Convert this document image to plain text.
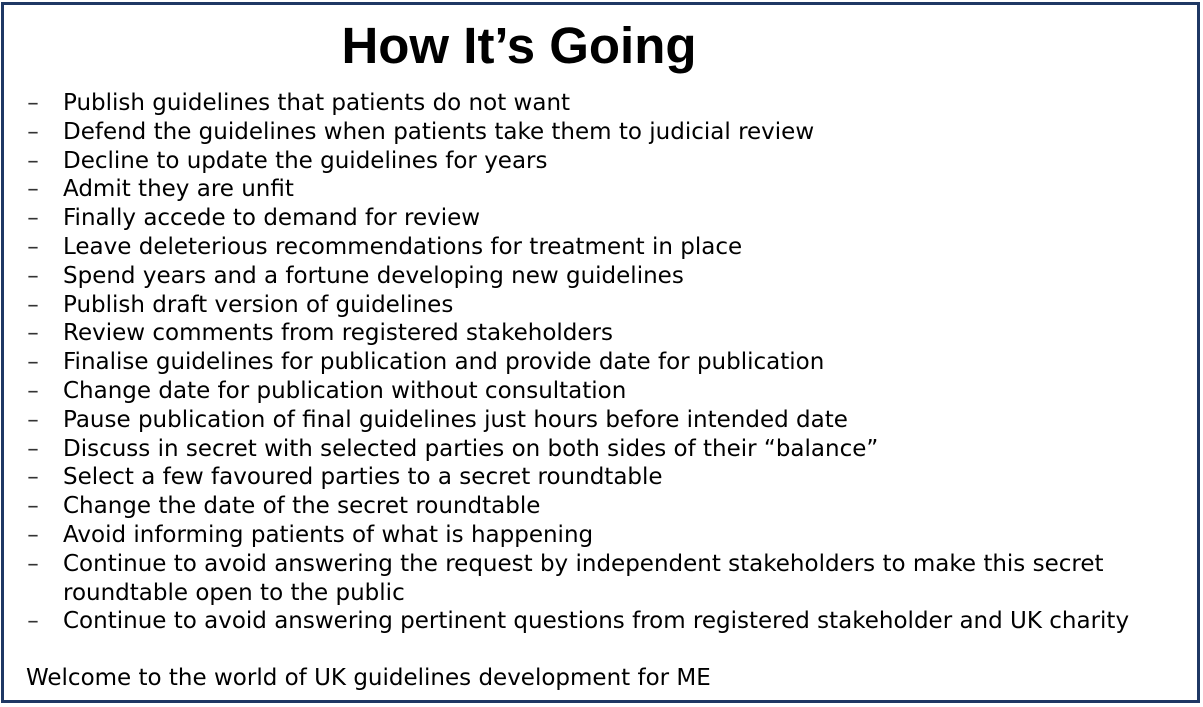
How It’s Going
– Publish guidelines that patients do not want
– Defend the guidelines when patients take them to judicial review
– Decline to update the guidelines for years
– Admit they are unfit
– Finally accede to demand for review
– Leave deleterious recommendations for treatment in place
– Spend years and a fortune developing new guidelines
– Publish draft version of guidelines
– Review comments from registered stakeholders
– Finalise guidelines for publication and provide date for publication
– Change date for publication without consultation
– Pause publication of final guidelines just hours before intended date
– Discuss in secret with selected parties on both sides of their “balance”
– Select a few favoured parties to a secret roundtable
– Change the date of the secret roundtable
– Avoid informing patients of what is happening
– Continue to avoid answering the request by independent stakeholders to make this secret roundtable open to the public
– Continue to avoid answering pertinent questions from registered stakeholder and UK charity

Welcome to the world of UK guidelines development for ME
